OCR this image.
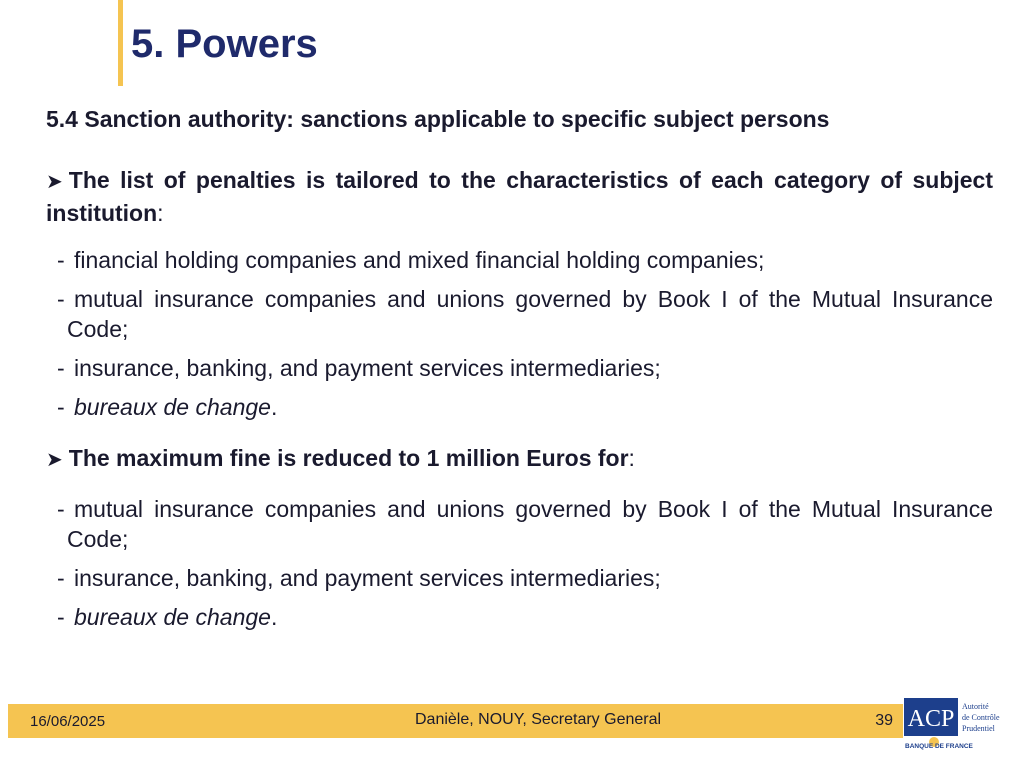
5. Powers
5.4 Sanction authority: sanctions applicable to specific subject persons

➤ The list of penalties is tailored to the characteristics of each category of subject institution:

- financial holding companies and mixed financial holding companies;
- mutual insurance companies and unions governed by Book I of the Mutual Insurance Code;
- insurance, banking, and payment services intermediaries;
- bureaux de change.

➤ The maximum fine is reduced to 1 million Euros for:

- mutual insurance companies and unions governed by Book I of the Mutual Insurance Code;
- insurance, banking, and payment services intermediaries;
- bureaux de change.
16/06/2025	Danièle, NOUY, Secretary General	39 ACP Autorité
de Contrôle
Prudentiel
BANQUE DE FRANCE
